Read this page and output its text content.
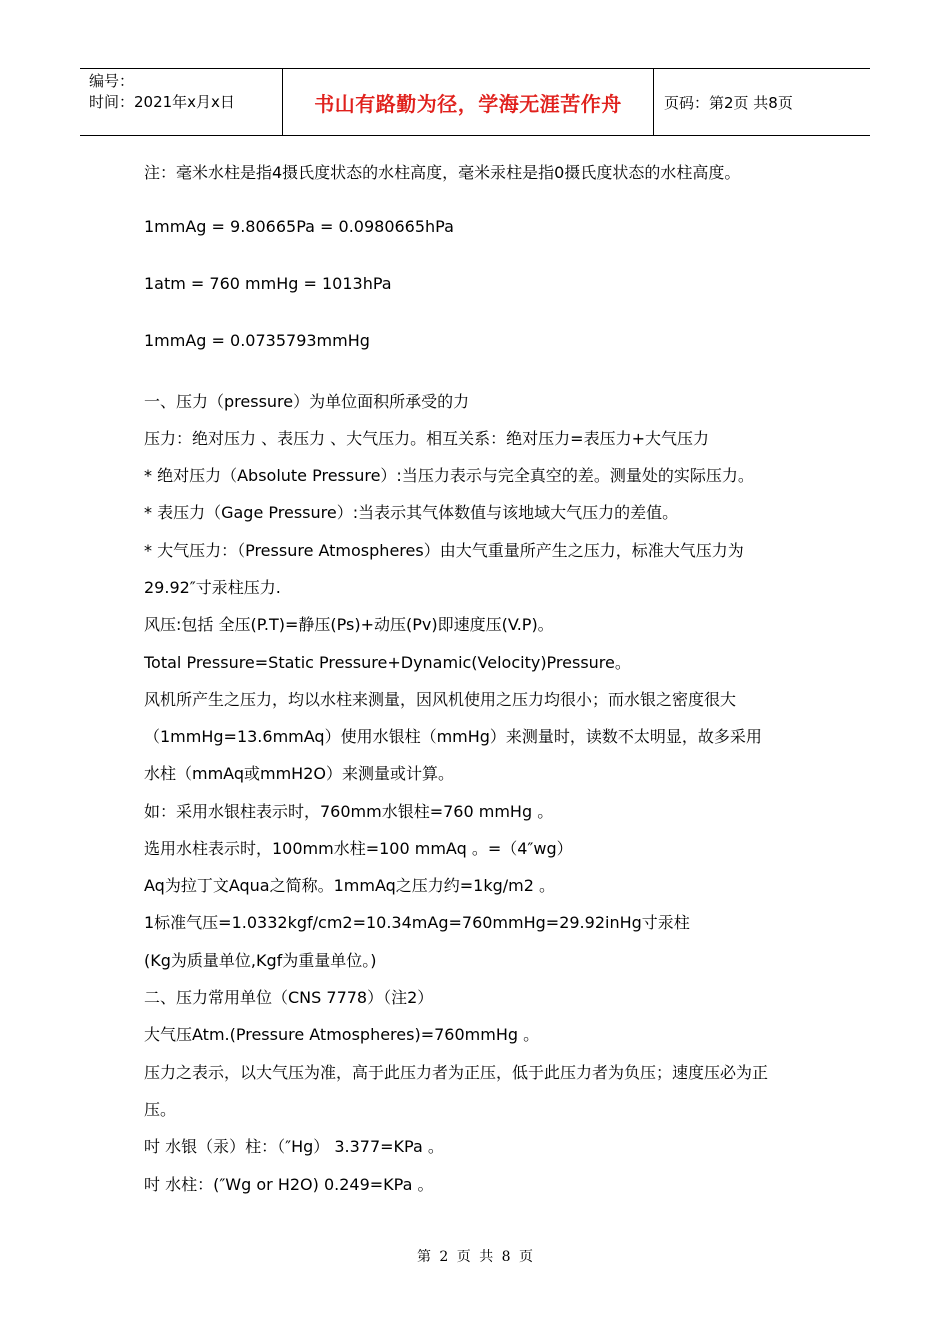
编号：
时间：2021年x月x日	书山有路勤为径，学海无涯苦作舟	页码：第2页 共8页
注：毫米水柱是指4摄氏度状态的水柱高度，毫米汞柱是指0摄氏度状态的水柱高度。
1mmAg = 9.80665Pa = 0.0980665hPa
1atm = 760 mmHg = 1013hPa
1mmAg = 0.0735793mmHg
一、压力（pressure）为单位面积所承受的力
压力：绝对压力 、表压力 、大气压力。相互关系：绝对压力=表压力+大气压力
* 绝对压力（Absolute Pressure）:当压力表示与完全真空的差。测量处的实际压力。
* 表压力（Gage Pressure）:当表示其气体数值与该地域大气压力的差值。
* 大气压力：（Pressure Atmospheres）由大气重量所产生之压力，标准大气压力为
29.92″寸汞柱压力.
风压:包括 全压(P.T)=静压(Ps)+动压(Pv)即速度压(V.P)。
Total Pressure=Static Pressure+Dynamic(Velocity)Pressure。
风机所产生之压力，均以水柱来测量，因风机使用之压力均很小；而水银之密度很大
（1mmHg=13.6mmAq）使用水银柱（mmHg）来测量时，读数不太明显，故多采用
水柱（mmAq或mmH2O）来测量或计算。
如：采用水银柱表示时，760mm水银柱=760 mmHg 。
选用水柱表示时，100mm水柱=100 mmAq 。=（4″wg）
Aq为拉丁文Aqua之简称。1mmAq之压力约=1kg/m2 。
1标准气压=1.0332kgf/cm2=10.34mAg=760mmHg=29.92inHg寸汞柱
(Kg为质量单位,Kgf为重量单位。)
二、压力常用单位（CNS 7778）（注2）
大气压Atm.(Pressure Atmospheres)=760mmHg 。
压力之表示，以大气压为准，高于此压力者为正压，低于此压力者为负压；速度压必为正
压。
吋 水银（汞）柱：（″Hg） 3.377=KPa 。
吋 水柱：(″Wg or H2O) 0.249=KPa 。
第 2 页 共 8 页
